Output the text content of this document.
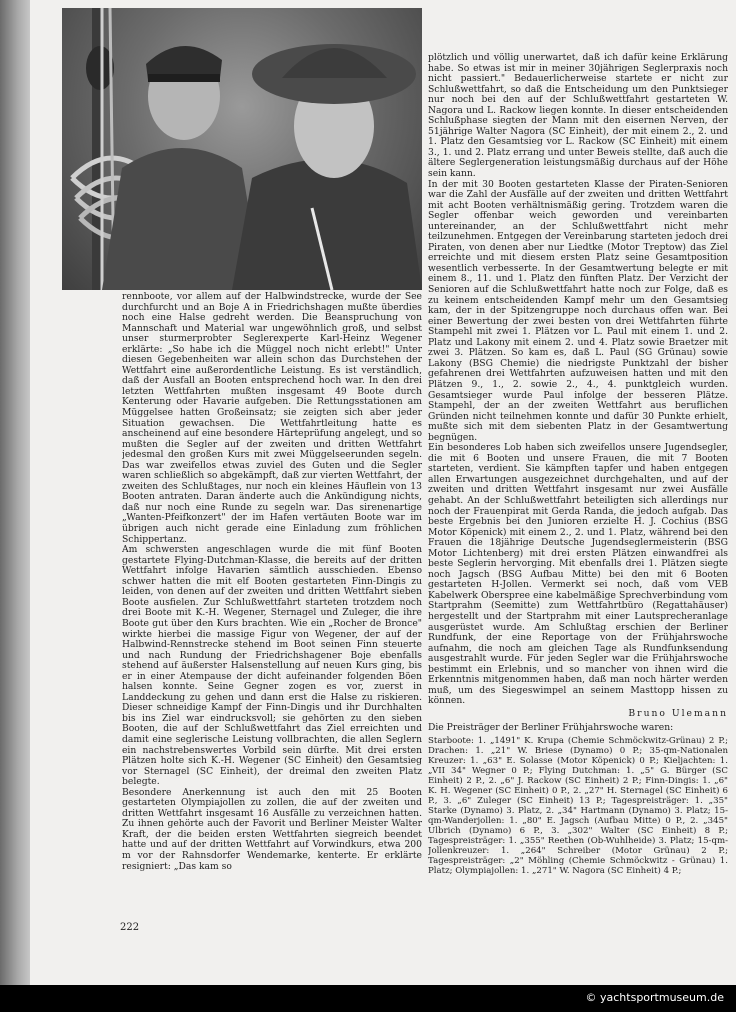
rennboote, vor allem auf der Halbwindstrecke, wurde der See durchfurcht und an Boje A in Friedrichshagen mußte überdies noch eine Halse gedreht werden. Die Beanspruchung von Mannschaft und Material war ungewöhnlich groß, und selbst unser sturmerprobter Seglerexperte Karl-Heinz Wegener erklärte: „So habe ich die Müggel noch nicht erlebt!" Unter diesen Gegebenheiten war allein schon das Durchstehen der Wettfahrt eine außerordentliche Leistung. Es ist verständlich, daß der Ausfall an Booten entsprechend hoch war. In den drei letzten Wettfahrten mußten insgesamt 49 Boote durch Kenterung oder Havarie aufgeben. Die Rettungsstationen am Müggelsee hatten Großeinsatz; sie zeigten sich aber jeder Situation gewachsen. Die Wettfahrtleitung hatte es anscheinend auf eine besondere Härteprüfung angelegt, und so mußten die Segler auf der zweiten und dritten Wettfahrt jedesmal den großen Kurs mit zwei Müggelseerunden segeln. Das war zweifellos etwas zuviel des Guten und die Segler waren schließlich so abgekämpft, daß zur vierten Wettfahrt, der zweiten des Schlußtages, nur noch ein kleines Häuflein von 13 Booten antraten. Daran änderte auch die Ankündigung nichts, daß nur noch eine Runde zu segeln war. Das sirenenartige „Wanten-Pfeifkonzert" der im Hafen vertäuten Boote war im übrigen auch nicht gerade eine Einladung zum fröhlichen Schippertanz.

Am schwersten angeschlagen wurde die mit fünf Booten gestartete Flying-Dutchman-Klasse, die bereits auf der dritten Wettfahrt infolge Havarien sämtlich ausschieden. Ebenso schwer hatten die mit elf Booten gestarteten Finn-Dingis zu leiden, von denen auf der zweiten und dritten Wettfahrt sieben Boote ausfielen. Zur Schlußwettfahrt starteten trotzdem noch drei Boote mit K.-H. Wegener, Sternagel und Zuleger, die ihre Boote gut über den Kurs brachten. Wie ein „Rocher de Bronce" wirkte hierbei die massige Figur von Wegener, der auf der Halbwind-Rennstrecke stehend im Boot seinen Finn steuerte und nach Rundung der Friedrichshagener Boje ebenfalls stehend auf äußerster Halsenstellung auf neuen Kurs ging, bis er in einer Atempause der dicht aufeinander folgenden Böen halsen konnte. Seine Gegner zogen es vor, zuerst in Landdeckung zu gehen und dann erst die Halse zu riskieren. Dieser schneidige Kampf der Finn-Dingis und ihr Durchhalten bis ins Ziel war eindrucksvoll; sie gehörten zu den sieben Booten, die auf der Schlußwettfahrt das Ziel erreichten und damit eine seglerische Leistung vollbrachten, die allen Seglern ein nachstrebenswertes Vorbild sein dürfte. Mit drei ersten Plätzen holte sich K.-H. Wegener (SC Einheit) den Gesamtsieg vor Sternagel (SC Einheit), der dreimal den zweiten Platz belegte.

Besondere Anerkennung ist auch den mit 25 Booten gestarteten Olympiajollen zu zollen, die auf der zweiten und dritten Wettfahrt insgesamt 16 Ausfälle zu verzeichnen hatten. Zu ihnen gehörte auch der Favorit und Berliner Meister Walter Kraft, der die beiden ersten Wettfahrten siegreich beendet hatte und auf der dritten Wettfahrt auf Vorwindkurs, etwa 200 m vor der Rahnsdorfer Wendemarke, kenterte. Er erklärte resigniert: „Das kam so

plötzlich und völlig unerwartet, daß ich dafür keine Erklärung habe. So etwas ist mir in meiner 30jährigen Seglerpraxis noch nicht passiert." Bedauerlicherweise startete er nicht zur Schlußwettfahrt, so daß die Entscheidung um den Punktsieger nur noch bei den auf der Schlußwettfahrt gestarteten W. Nagora und L. Rackow liegen konnte. In dieser entscheidenden Schlußphase siegten der Mann mit den eisernen Nerven, der 51jährige Walter Nagora (SC Einheit), der mit einem 2., 2. und 1. Platz den Gesamtsieg vor L. Rackow (SC Einheit) mit einem 3., 1. und 2. Platz errang und unter Beweis stellte, daß auch die ältere Seglergeneration leistungsmäßig durchaus auf der Höhe sein kann.

In der mit 30 Booten gestarteten Klasse der Piraten-Senioren war die Zahl der Ausfälle auf der zweiten und dritten Wettfahrt mit acht Booten verhältnismäßig gering. Trotzdem waren die Segler offenbar weich geworden und vereinbarten untereinander, an der Schlußwettfahrt nicht mehr teilzunehmen. Entgegen der Vereinbarung starteten jedoch drei Piraten, von denen aber nur Liedtke (Motor Treptow) das Ziel erreichte und mit diesem ersten Platz seine Gesamtposition wesentlich verbesserte. In der Gesamtwertung belegte er mit einem 8., 11. und 1. Platz den fünften Platz. Der Verzicht der Senioren auf die Schlußwettfahrt hatte noch zur Folge, daß es zu keinem entscheidenden Kampf mehr um den Gesamtsieg kam, der in der Spitzengruppe noch durchaus offen war. Bei einer Bewertung der zwei besten von drei Wettfahrten führte Stampehl mit zwei 1. Plätzen vor L. Paul mit einem 1. und 2. Platz und Lakony mit einem 2. und 4. Platz sowie Braetzer mit zwei 3. Plätzen. So kam es, daß L. Paul (SG Grünau) sowie Lakony (BSG Chemie) die niedrigste Punktzahl der bisher gefahrenen drei Wettfahrten aufzuweisen hatten und mit den Plätzen 9., 1., 2. sowie 2., 4., 4. punktgleich wurden. Gesamtsieger wurde Paul infolge der besseren Plätze. Stampehl, der an der zweiten Wettfahrt aus beruflichen Gründen nicht teilnehmen konnte und dafür 30 Punkte erhielt, mußte sich mit dem siebenten Platz in der Gesamtwertung begnügen.

Ein besonderes Lob haben sich zweifellos unsere Jugendsegler, die mit 6 Booten und unsere Frauen, die mit 7 Booten starteten, verdient. Sie kämpften tapfer und haben entgegen allen Erwartungen ausgezeichnet durchgehalten, und auf der zweiten und dritten Wettfahrt insgesamt nur zwei Ausfälle gehabt. An der Schlußwettfahrt beteiligten sich allerdings nur noch der Frauenpirat mit Gerda Randa, die jedoch aufgab. Das beste Ergebnis bei den Junioren erzielte H. J. Cochius (BSG Motor Köpenick) mit einem 2., 2. und 1. Platz, während bei den Frauen die 18jährige Deutsche Jugendseglermeisterin (BSG Motor Lichtenberg) mit drei ersten Plätzen einwandfrei als beste Seglerin hervorging. Mit ebenfalls drei 1. Plätzen siegte noch Jagsch (BSG Aufbau Mitte) bei den mit 6 Booten gestarteten H-Jollen. Vermerkt sei noch, daß vom VEB Kabelwerk Oberspree eine kabelmäßige Sprechverbindung vom Startprahm (Seemitte) zum Wettfahrtbüro (Regattahäuser) hergestellt und der Startprahm mit einer Lautsprecheranlage ausgerüstet wurde. Am Schlußtag erschien der Berliner Rundfunk, der eine Reportage von der Frühjahrswoche aufnahm, die noch am gleichen Tage als Rundfunksendung ausgestrahlt wurde. Für jeden Segler war die Frühjahrswoche bestimmt ein Erlebnis, und so mancher von ihnen wird die Erkenntnis mitgenommen haben, daß man noch härter werden muß, um des Siegeswimpel an seinem Masttopp hissen zu können.

Bruno Ulemann

Die Preisträger der Berliner Frühjahrswoche waren:

Starboote: 1. „1491" K. Krupa (Chemie Schmöckwitz-Grünau) 2 P.; Drachen: 1. „21" W. Briese (Dynamo) 0 P.; 35-qm-Nationalen Kreuzer: 1. „63" E. Solasse (Motor Köpenick) 0 P.; Kieljachten: 1. „VII 34" Wegner 0 P.; Flying Dutchman: 1. „5" G. Bürger (SC Einheit) 2 P., 2. „6" J. Rackow (SC Einheit) 2 P.; Finn-Dingis: 1. „6" K. H. Wegener (SC Einheit) 0 P., 2. „27" H. Sternagel (SC Einheit) 6 P., 3. „6" Zuleger (SC Einheit) 13 P.; Tagespreisträger: 1. „35" Starke (Dynamo) 3. Platz, 2. „34" Hartmann (Dynamo) 3. Platz; 15-qm-Wanderjollen: 1. „80" E. Jagsch (Aufbau Mitte) 0 P., 2. „345" Ulbrich (Dynamo) 6 P., 3. „302" Walter (SC Einheit) 8 P.; Tagespreisträger: 1. „355" Reethen (Ob-Wuhlheide) 3. Platz; 15-qm-Jollenkreuzer: 1. „264" Schreiber (Motor Grünau) 2 P.; Tagespreisträger: „2" Möhling (Chemie Schmöckwitz - Grünau) 1. Platz; Olympiajollen: 1. „271" W. Nagora (SC Einheit) 4 P.;

222
© yachtsportmuseum.de
